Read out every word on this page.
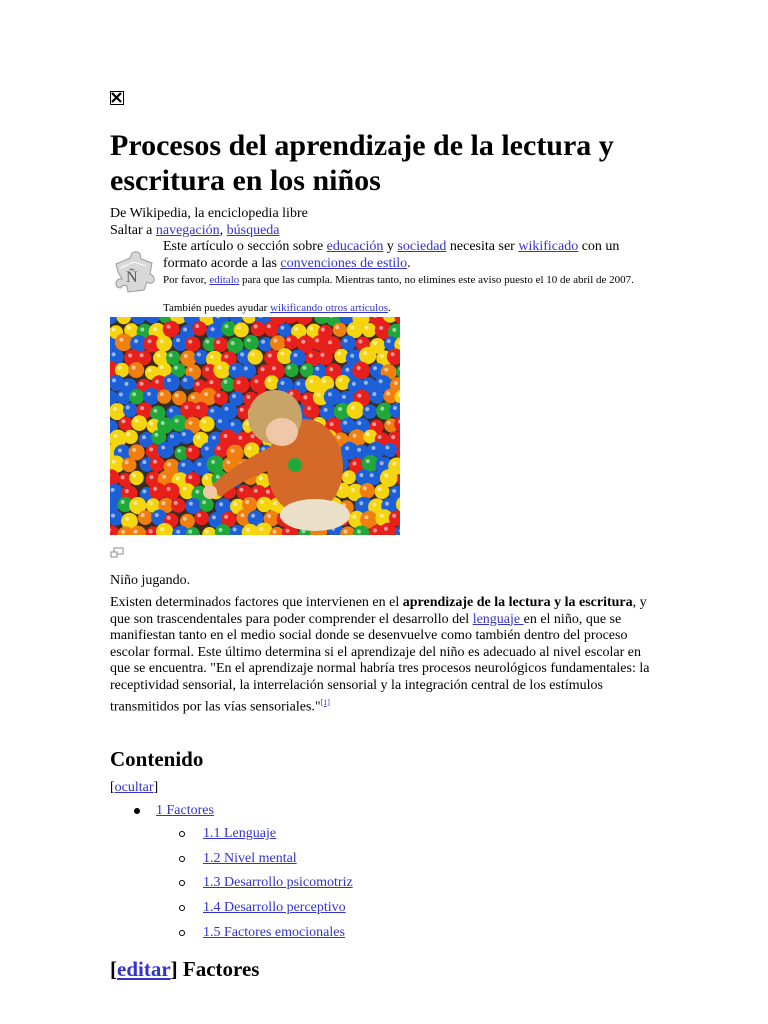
Procesos del aprendizaje de la lectura y escritura en los niños

De Wikipedia, la enciclopedia libre

Saltar a navegación, búsqueda

Ñ
Este artículo o sección sobre educación y sociedad necesita ser wikificado con un formato acorde a las convenciones de estilo.
Por favor, edítalo para que las cumpla. Mientras tanto, no elimines este aviso puesto el 10 de abril de 2007.
También puedes ayudar wikificando otros artículos.

Niño jugando.

Existen determinados factores que intervienen en el aprendizaje de la lectura y la escritura, y que son trascendentales para poder comprender el desarrollo del lenguaje en el niño, que se manifiestan tanto en el medio social donde se desenvuelve como también dentro del proceso escolar formal. Este último determina si el aprendizaje del niño es adecuado al nivel escolar en que se encuentra. "En el aprendizaje normal habría tres procesos neurológicos fundamentales: la receptividad sensorial, la interrelación sensorial y la integración central de los estímulos transmitidos por las vías sensoriales."[1]

Contenido

[ocultar]

1 Factores
1.1 Lenguaje
1.2 Nivel mental
1.3 Desarrollo psicomotriz
1.4 Desarrollo perceptivo
1.5 Factores emocionales
[editar] Factores
